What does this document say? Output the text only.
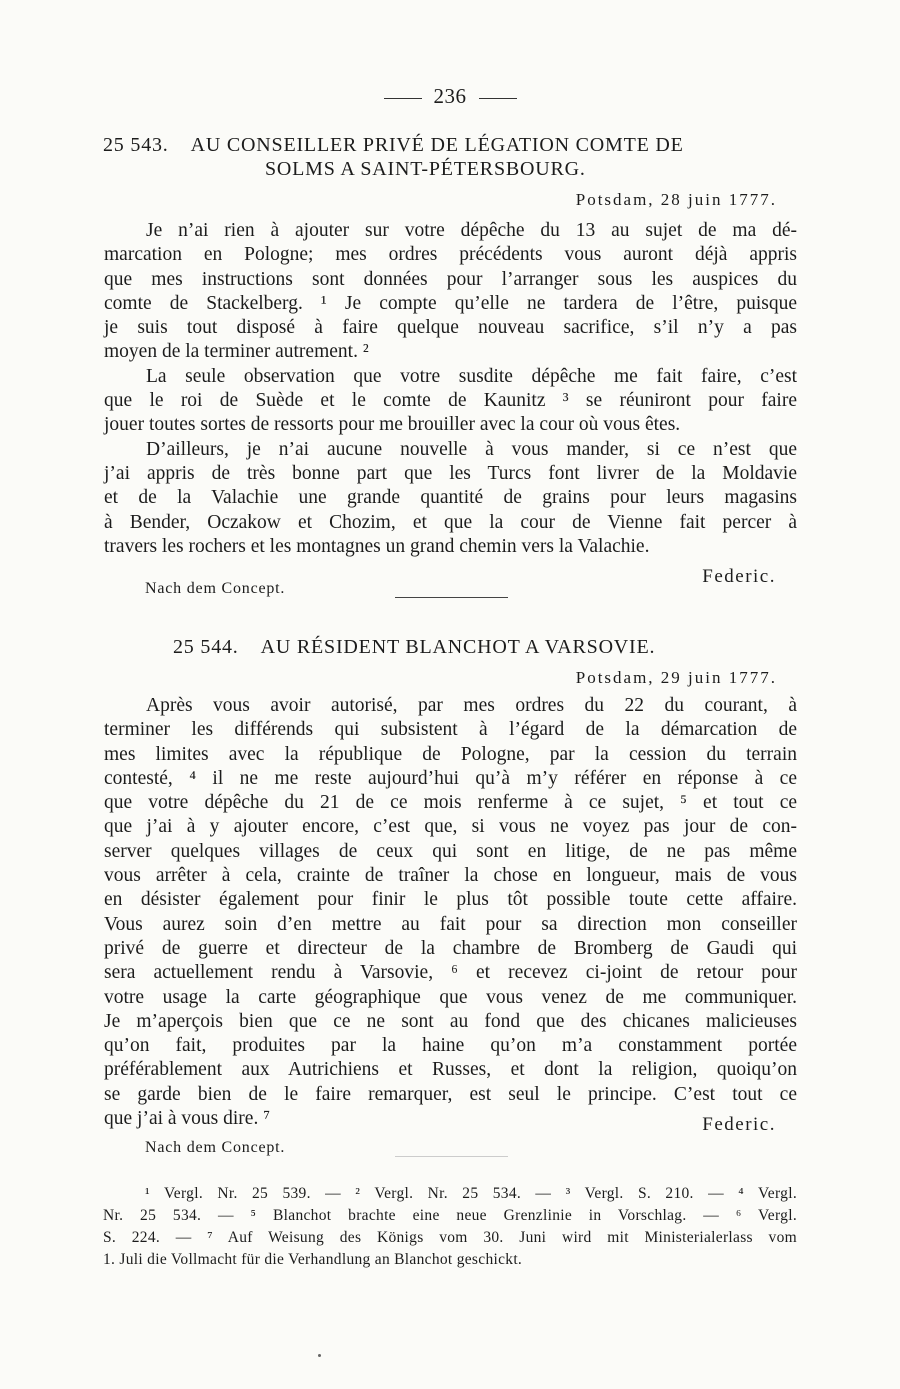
236
25 543. AU CONSEILLER PRIVÉ DE LÉGATION COMTE DE
SOLMS A SAINT-PÉTERSBOURG.
Potsdam, 28 juin 1777.
Je n’ai rien à ajouter sur votre dépêche du 13 au sujet de ma dé-
marcation en Pologne; mes ordres précédents vous auront déjà appris
que mes instructions sont données pour l’arranger sous les auspices du
comte de Stackelberg. ¹ Je compte qu’elle ne tardera de l’être, puisque
je suis tout disposé à faire quelque nouveau sacrifice, s’il n’y a pas
moyen de la terminer autrement. ²
La seule observation que votre susdite dépêche me fait faire, c’est
que le roi de Suède et le comte de Kaunitz ³ se réuniront pour faire
jouer toutes sortes de ressorts pour me brouiller avec la cour où vous êtes.
D’ailleurs, je n’ai aucune nouvelle à vous mander, si ce n’est que
j’ai appris de très bonne part que les Turcs font livrer de la Moldavie
et de la Valachie une grande quantité de grains pour leurs magasins
à Bender, Oczakow et Chozim, et que la cour de Vienne fait percer à
travers les rochers et les montagnes un grand chemin vers la Valachie.
Nach dem Concept.
Federic.
25 544. AU RÉSIDENT BLANCHOT A VARSOVIE.
Potsdam, 29 juin 1777.
Après vous avoir autorisé, par mes ordres du 22 du courant, à
terminer les différends qui subsistent à l’égard de la démarcation de
mes limites avec la république de Pologne, par la cession du terrain
contesté, ⁴ il ne me reste aujourd’hui qu’à m’y référer en réponse à ce
que votre dépêche du 21 de ce mois renferme à ce sujet, ⁵ et tout ce
que j’ai à y ajouter encore, c’est que, si vous ne voyez pas jour de con-
server quelques villages de ceux qui sont en litige, de ne pas même
vous arrêter à cela, crainte de traîner la chose en longueur, mais de vous
en désister également pour finir le plus tôt possible toute cette affaire.
Vous aurez soin d’en mettre au fait pour sa direction mon conseiller
privé de guerre et directeur de la chambre de Bromberg de Gaudi qui
sera actuellement rendu à Varsovie, ⁶ et recevez ci-joint de retour pour
votre usage la carte géographique que vous venez de me communiquer.
Je m’aperçois bien que ce ne sont au fond que des chicanes malicieuses
qu’on fait, produites par la haine qu’on m’a constamment portée
préférablement aux Autrichiens et Russes, et dont la religion, quoiqu’on
se garde bien de le faire remarquer, est seul le principe. C’est tout ce
que j’ai à vous dire. ⁷	Federic.
Nach dem Concept.
¹ Vergl. Nr. 25 539. — ² Vergl. Nr. 25 534. — ³ Vergl. S. 210. — ⁴ Vergl.
Nr. 25 534. — ⁵ Blanchot brachte eine neue Grenzlinie in Vorschlag. — ⁶ Vergl.
S. 224. — ⁷ Auf Weisung des Königs vom 30. Juni wird mit Ministerialerlass vom
1. Juli die Vollmacht für die Verhandlung an Blanchot geschickt.
